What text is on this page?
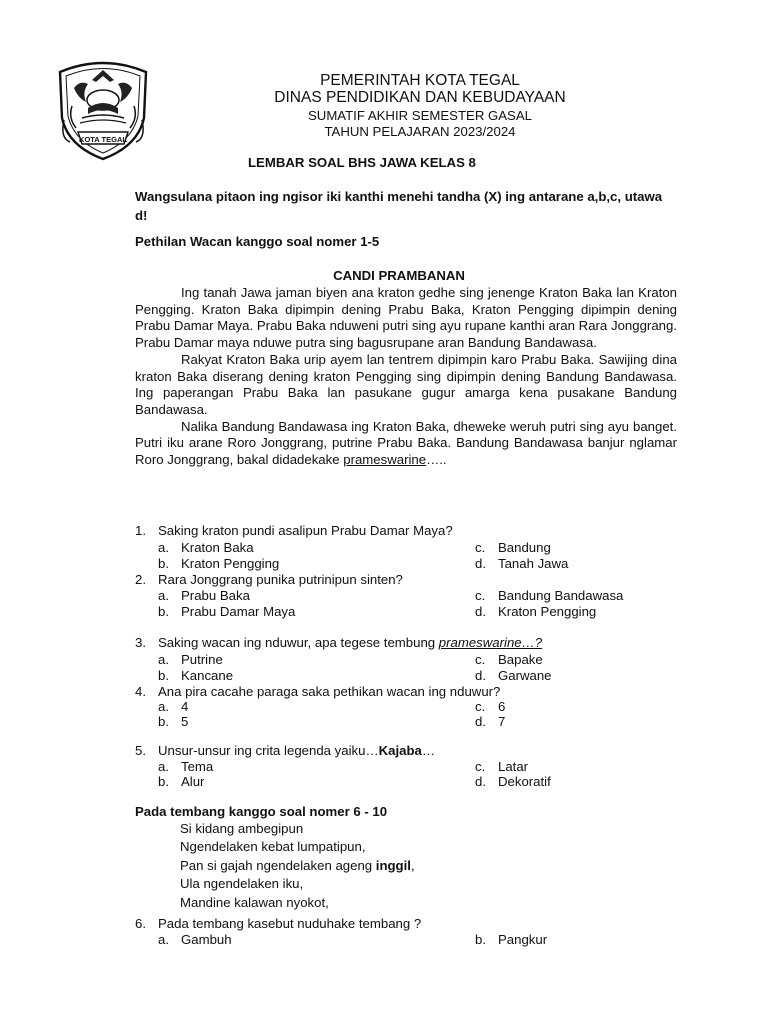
KOTA TEGAL
PEMERINTAH KOTA TEGAL
DINAS PENDIDIKAN DAN KEBUDAYAAN
SUMATIF AKHIR SEMESTER GASAL
TAHUN PELAJARAN 2023/2024
LEMBAR SOAL BHS JAWA KELAS 8
Wangsulana pitaon ing ngisor iki kanthi menehi tandha (X) ing antarane a,b,c, utawa d!
Pethilan Wacan kanggo soal nomer 1-5
CANDI PRAMBANAN

Ing tanah Jawa jaman biyen ana kraton gedhe sing jenenge Kraton Baka lan Kraton Pengging. Kraton Baka dipimpin dening Prabu Baka, Kraton Pengging dipimpin dening Prabu Damar Maya. Prabu Baka nduweni putri sing ayu rupane kanthi aran Rara Jonggrang. Prabu Damar maya nduwe putra sing bagusrupane aran Bandung Bandawasa.

Rakyat Kraton Baka urip ayem lan tentrem dipimpin karo Prabu Baka. Sawijing dina kraton Baka diserang dening kraton Pengging sing dipimpin dening Bandung Bandawasa. Ing paperangan Prabu Baka lan pasukane gugur amarga kena pusakane Bandung Bandawasa.

Nalika Bandung Bandawasa ing Kraton Baka, dheweke weruh putri sing ayu banget. Putri iku arane Roro Jonggrang, putrine Prabu Baka. Bandung Bandawasa banjur nglamar Roro Jonggrang, bakal didadekake prameswarine…..

1. Saking kraton pundi asalipun Prabu Damar Maya?
a. Kraton Baka	c. Bandung
b. Kraton Pengging	d. Tanah Jawa
2. Rara Jonggrang punika putrinipun sinten?
a. Prabu Baka	c. Bandung Bandawasa
b. Prabu Damar Maya	d. Kraton Pengging
3. Saking wacan ing nduwur, apa tegese tembung prameswarine…?
a. Putrine	c. Bapake
b. Kancane	d. Garwane
4. Ana pira cacahe paraga saka pethikan wacan ing nduwur?
a. 4	c. 6
b. 5	d. 7
5. Unsur-unsur ing crita legenda yaiku…Kajaba…
a. Tema	c. Latar
b. Alur	d. Dekoratif
Pada tembang kanggo soal nomer 6 - 10
Si kidang ambegipun
Ngendelaken kebat lumpatipun,
Pan si gajah ngendelaken ageng inggil,
Ula ngendelaken iku,
Mandine kalawan nyokot,
6. Pada tembang kasebut nuduhake tembang ?
a. Gambuh	b. Pangkur
